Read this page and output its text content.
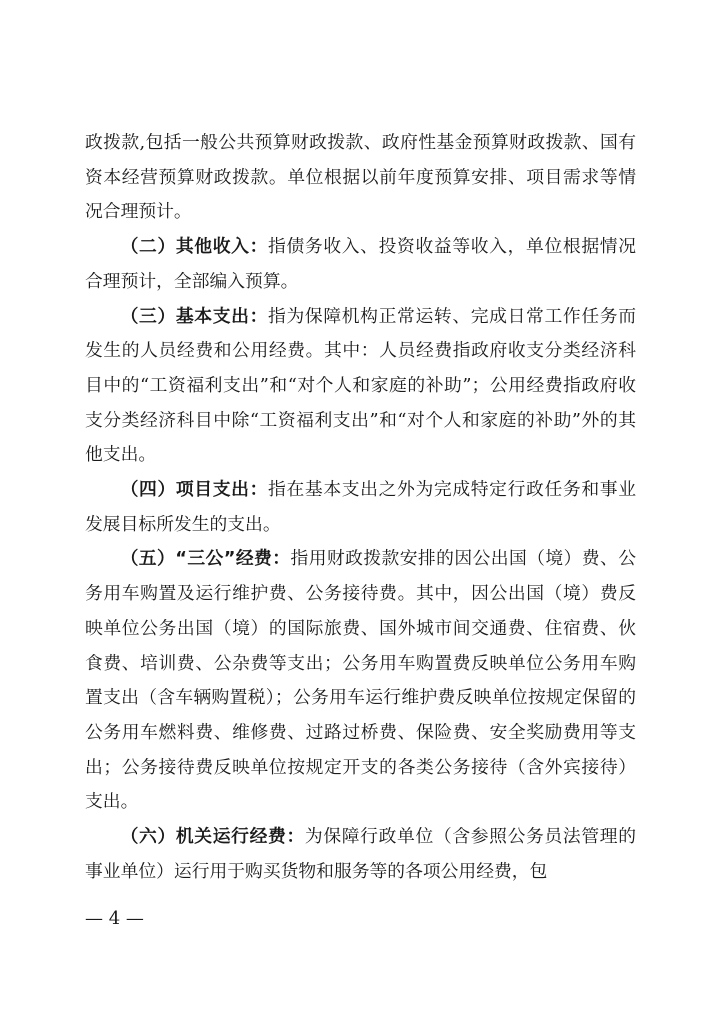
政拨款,包括一般公共预算财政拨款、政府性基金预算财政拨款、国有资本经营预算财政拨款。单位根据以前年度预算安排、项目需求等情况合理预计。

（二）其他收入：指债务收入、投资收益等收入，单位根据情况合理预计，全部编入预算。

（三）基本支出：指为保障机构正常运转、完成日常工作任务而发生的人员经费和公用经费。其中：人员经费指政府收支分类经济科目中的“工资福利支出”和“对个人和家庭的补助”；公用经费指政府收支分类经济科目中除“工资福利支出”和“对个人和家庭的补助”外的其他支出。

（四）项目支出：指在基本支出之外为完成特定行政任务和事业发展目标所发生的支出。

（五）“三公”经费：指用财政拨款安排的因公出国（境）费、公务用车购置及运行维护费、公务接待费。其中，因公出国（境）费反映单位公务出国（境）的国际旅费、国外城市间交通费、住宿费、伙食费、培训费、公杂费等支出；公务用车购置费反映单位公务用车购置支出（含车辆购置税）；公务用车运行维护费反映单位按规定保留的公务用车燃料费、维修费、过路过桥费、保险费、安全奖励费用等支出；公务接待费反映单位按规定开支的各类公务接待（含外宾接待）支出。

（六）机关运行经费：为保障行政单位（含参照公务员法管理的事业单位）运行用于购买货物和服务等的各项公用经费，包

— 4 —
